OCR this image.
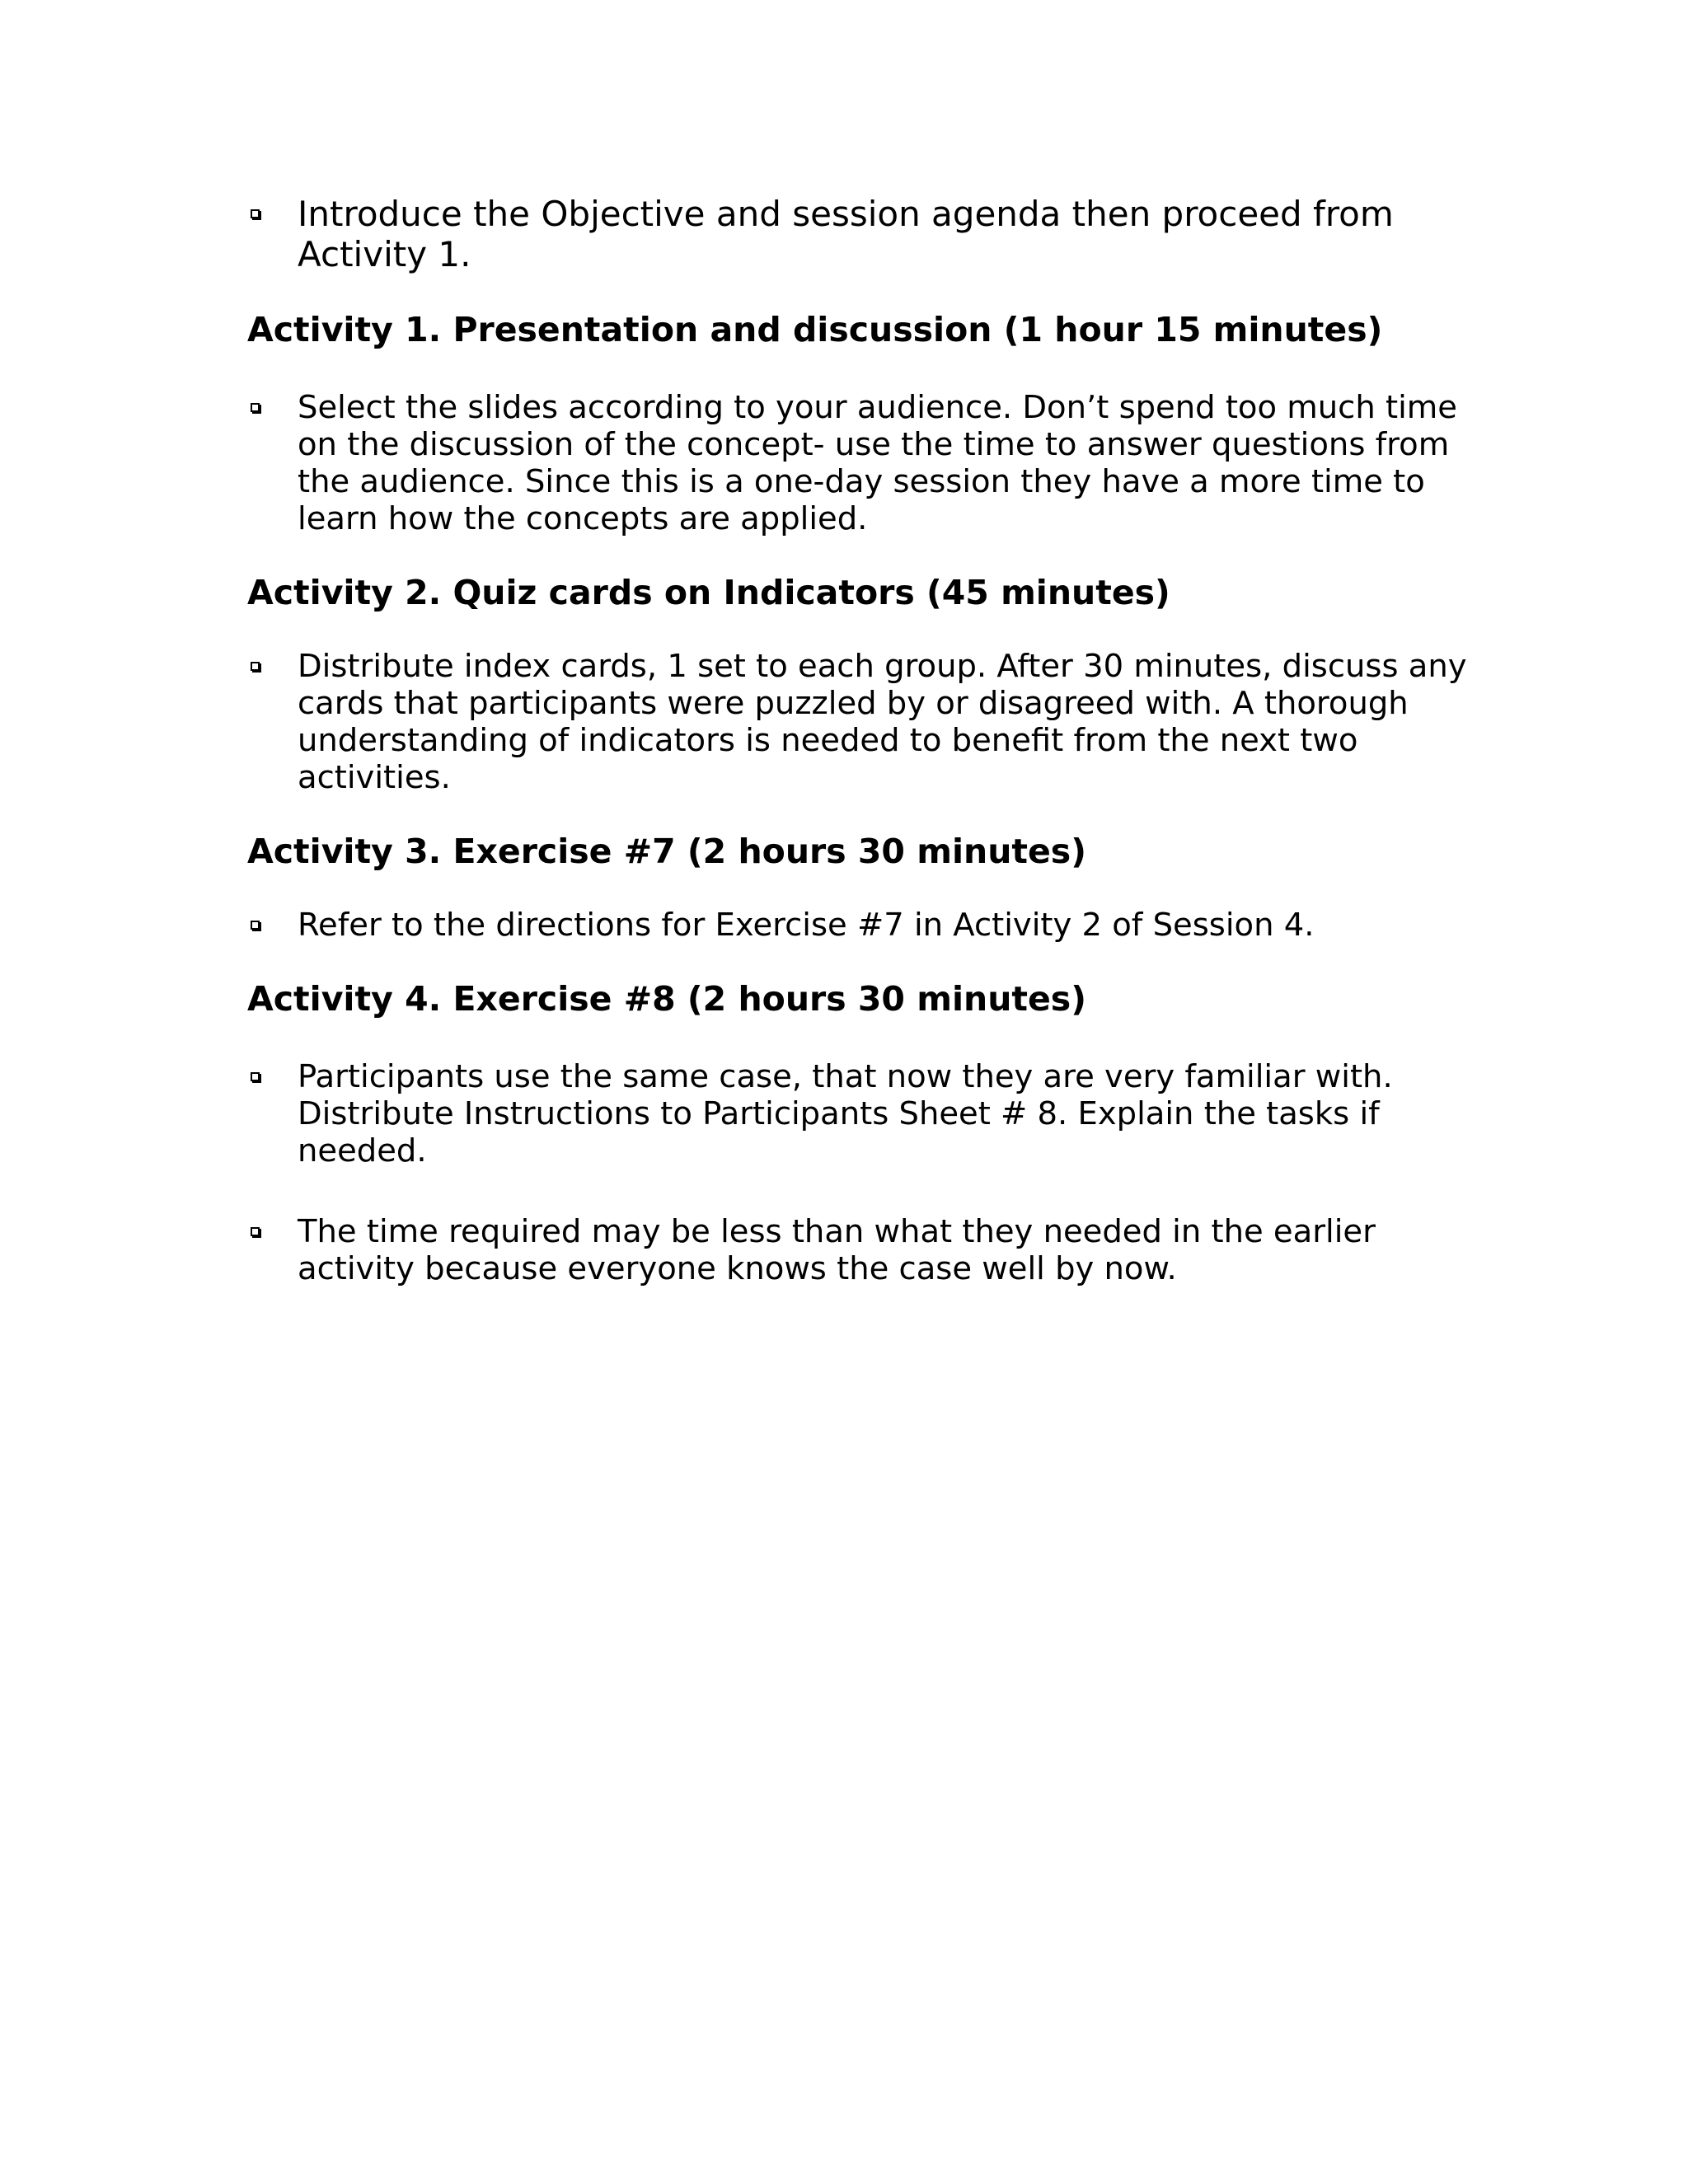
Introduce the Objective and session agenda then proceed from Activity 1.

Activity 1. Presentation and discussion (1 hour 15 minutes)

Select the slides according to your audience. Don’t spend too much time on the discussion of the concept- use the time to answer questions from the audience. Since this is a one-day session they have a more time to learn how the concepts are applied.

Activity 2. Quiz cards on Indicators (45 minutes)

Distribute index cards, 1 set to each group. After 30 minutes, discuss any cards that participants were puzzled by or disagreed with. A thorough understanding of indicators is needed to benefit from the next two activities.

Activity 3. Exercise #7 (2 hours 30 minutes)

Refer to the directions for Exercise #7 in Activity 2 of Session 4.

Activity 4. Exercise #8 (2 hours 30 minutes)

Participants use the same case, that now they are very familiar with. Distribute Instructions to Participants Sheet # 8. Explain the tasks if needed.

The time required may be less than what they needed in the earlier activity because everyone knows the case well by now.
